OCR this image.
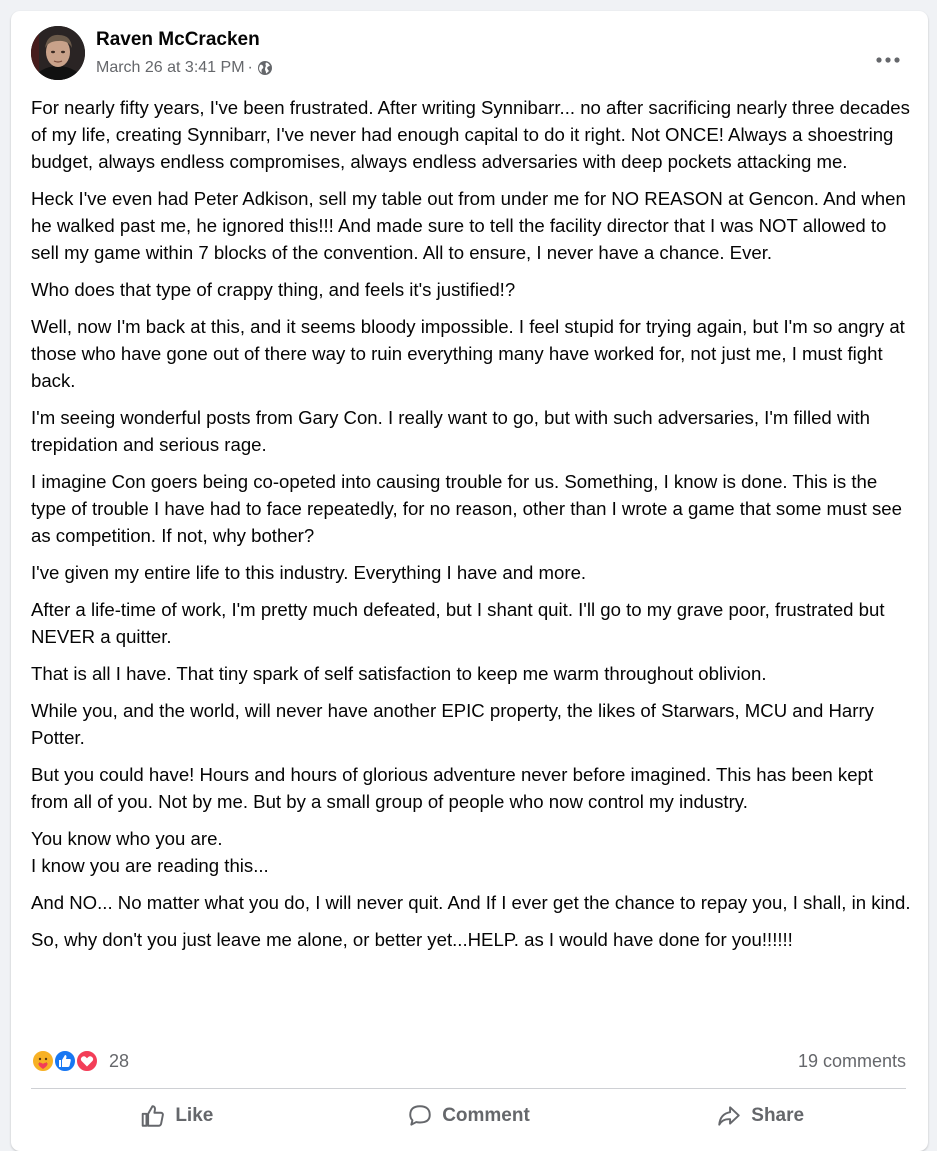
Raven McCracken
March 26 at 3:41 PM ·

For nearly fifty years, I've been frustrated. After writing Synnibarr... no after sacrificing nearly three decades of my life, creating Synnibarr, I've never had enough capital to do it right. Not ONCE! Always a shoestring budget, always endless compromises, always endless adversaries with deep pockets attacking me.

Heck I've even had Peter Adkison, sell my table out from under me for NO REASON at Gencon. And when he walked past me, he ignored this!!! And made sure to tell the facility director that I was NOT allowed to sell my game within 7 blocks of the convention. All to ensure, I never have a chance. Ever.

Who does that type of crappy thing, and feels it's justified!?

Well, now I'm back at this, and it seems bloody impossible. I feel stupid for trying again, but I'm so angry at those who have gone out of there way to ruin everything many have worked for, not just me, I must fight back.

I'm seeing wonderful posts from Gary Con. I really want to go, but with such adversaries, I'm filled with trepidation and serious rage.

I imagine Con goers being co-opeted into causing trouble for us. Something, I know is done. This is the type of trouble I have had to face repeatedly, for no reason, other than I wrote a game that some must see as competition. If not, why bother?

I've given my entire life to this industry. Everything I have and more.

After a life-time of work, I'm pretty much defeated, but I shant quit. I'll go to my grave poor, frustrated but NEVER a quitter.

That is all I have. That tiny spark of self satisfaction to keep me warm throughout oblivion.

While you, and the world, will never have another EPIC property, the likes of Starwars, MCU and Harry Potter.

But you could have! Hours and hours of glorious adventure never before imagined. This has been kept from all of you. Not by me. But by a small group of people who now control my industry.

You know who you are.
I know you are reading this...

And NO... No matter what you do, I will never quit. And If I ever get the chance to repay you, I shall, in kind.

So, why don't you just leave me alone, or better yet...HELP. as I would have done for you!!!!!!

28	19 comments
Like	Comment	Share
